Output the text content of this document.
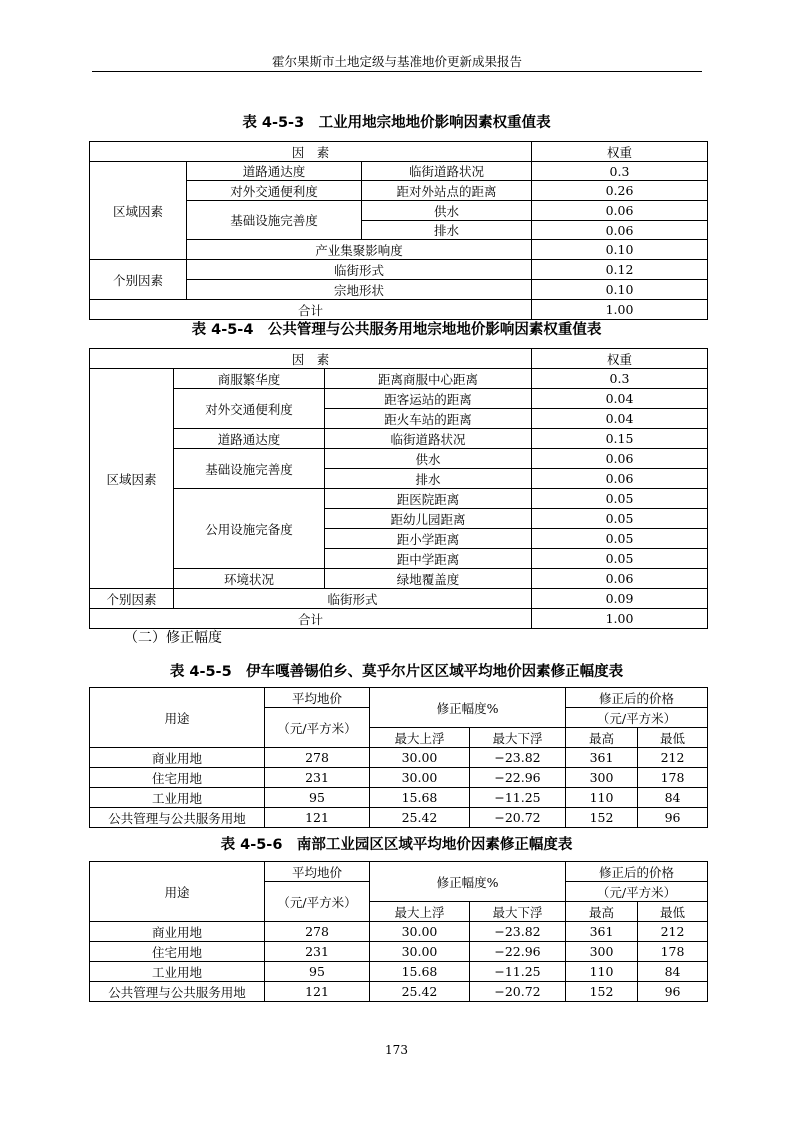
霍尔果斯市土地定级与基准地价更新成果报告
表 4-5-3　工业用地宗地地价影响因素权重值表
因　素			权重
区域因素	道路通达度	临街道路状况	0.3
	对外交通便利度	距对外站点的距离	0.26
	基础设施完善度	供水	0.06
		排水	0.06
	产业集聚影响度		0.10
个别因素	临街形式		0.12
	宗地形状		0.10
合计			1.00
表 4-5-4　公共管理与公共服务用地宗地地价影响因素权重值表
因　素			权重
区域因素	商服繁华度	距离商服中心距离	0.3
	对外交通便利度	距客运站的距离	0.04
		距火车站的距离	0.04
	道路通达度	临街道路状况	0.15
	基础设施完善度	供水	0.06
		排水	0.06
	公用设施完备度	距医院距离	0.05
		距幼儿园距离	0.05
		距小学距离	0.05
		距中学距离	0.05
	环境状况	绿地覆盖度	0.06
个别因素	临街形式		0.09
合计			1.00
（二）修正幅度
表 4-5-5　伊车嘎善锡伯乡、莫乎尔片区区域平均地价因素修正幅度表
用途	平均地价	修正幅度%		修正后的价格	
	（元/平方米）			（元/平方米）	
		最大上浮	最大下浮	最高	最低
商业用地	278	30.00	−23.82	361	212
住宅用地	231	30.00	−22.96	300	178
工业用地	95	15.68	−11.25	110	84
公共管理与公共服务用地	121	25.42	−20.72	152	96
表 4-5-6　南部工业园区区域平均地价因素修正幅度表
用途	平均地价	修正幅度%		修正后的价格	
	（元/平方米）			（元/平方米）	
		最大上浮	最大下浮	最高	最低
商业用地	278	30.00	−23.82	361	212
住宅用地	231	30.00	−22.96	300	178
工业用地	95	15.68	−11.25	110	84
公共管理与公共服务用地	121	25.42	−20.72	152	96
173
